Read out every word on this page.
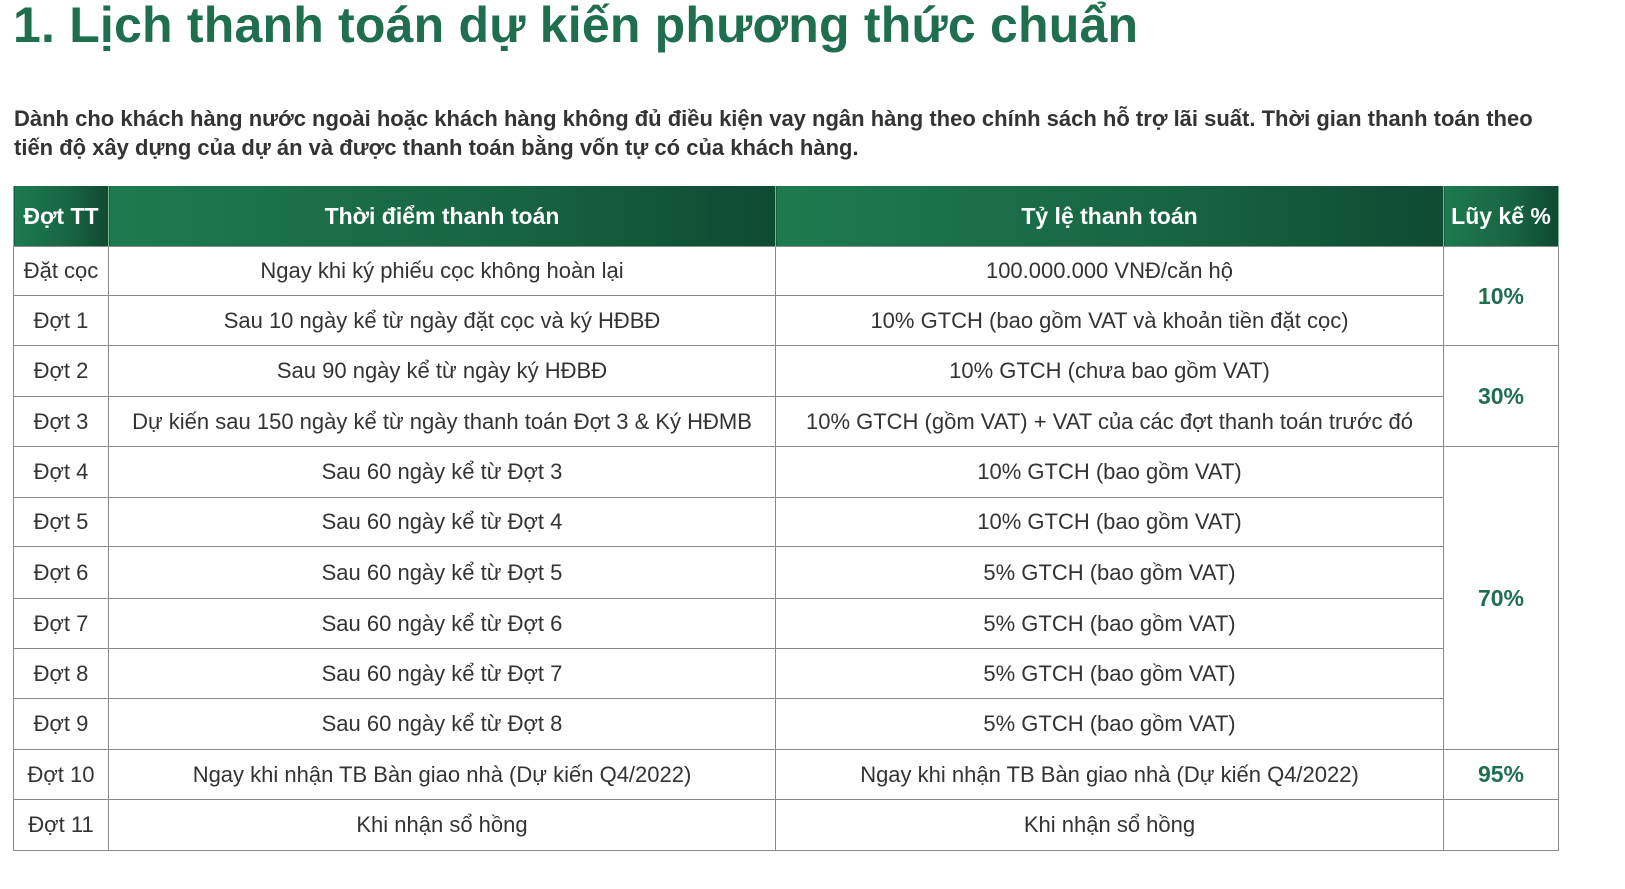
1. Lịch thanh toán dự kiến phương thức chuẩn

Dành cho khách hàng nước ngoài hoặc khách hàng không đủ điều kiện vay ngân hàng theo chính sách hỗ trợ lãi suất. Thời gian thanh toán theo tiến độ xây dựng của dự án và được thanh toán bằng vốn tự có của khách hàng.

Đợt TT	Thời điểm thanh toán	Tỷ lệ thanh toán	Lũy kế %
Đặt cọc	Ngay khi ký phiếu cọc không hoàn lại	100.000.000 VNĐ/căn hộ	10%
Đợt 1	Sau 10 ngày kể từ ngày đặt cọc và ký HĐBĐ	10% GTCH (bao gồm VAT và khoản tiền đặt cọc)	
Đợt 2	Sau 90 ngày kể từ ngày ký HĐBĐ	10% GTCH (chưa bao gồm VAT)	30%
Đợt 3	Dự kiến sau 150 ngày kể từ ngày thanh toán Đợt 3 & Ký HĐMB	10% GTCH (gồm VAT) + VAT của các đợt thanh toán trước đó	
Đợt 4	Sau 60 ngày kể từ Đợt 3	10% GTCH (bao gồm VAT)	70%
Đợt 5	Sau 60 ngày kể từ Đợt 4	10% GTCH (bao gồm VAT)	
Đợt 6	Sau 60 ngày kể từ Đợt 5	5% GTCH (bao gồm VAT)	
Đợt 7	Sau 60 ngày kể từ Đợt 6	5% GTCH (bao gồm VAT)	
Đợt 8	Sau 60 ngày kể từ Đợt 7	5% GTCH (bao gồm VAT)	
Đợt 9	Sau 60 ngày kể từ Đợt 8	5% GTCH (bao gồm VAT)	
Đợt 10	Ngay khi nhận TB Bàn giao nhà (Dự kiến Q4/2022)	Ngay khi nhận TB Bàn giao nhà (Dự kiến Q4/2022)	95%
Đợt 11	Khi nhận sổ hồng	Khi nhận sổ hồng	
